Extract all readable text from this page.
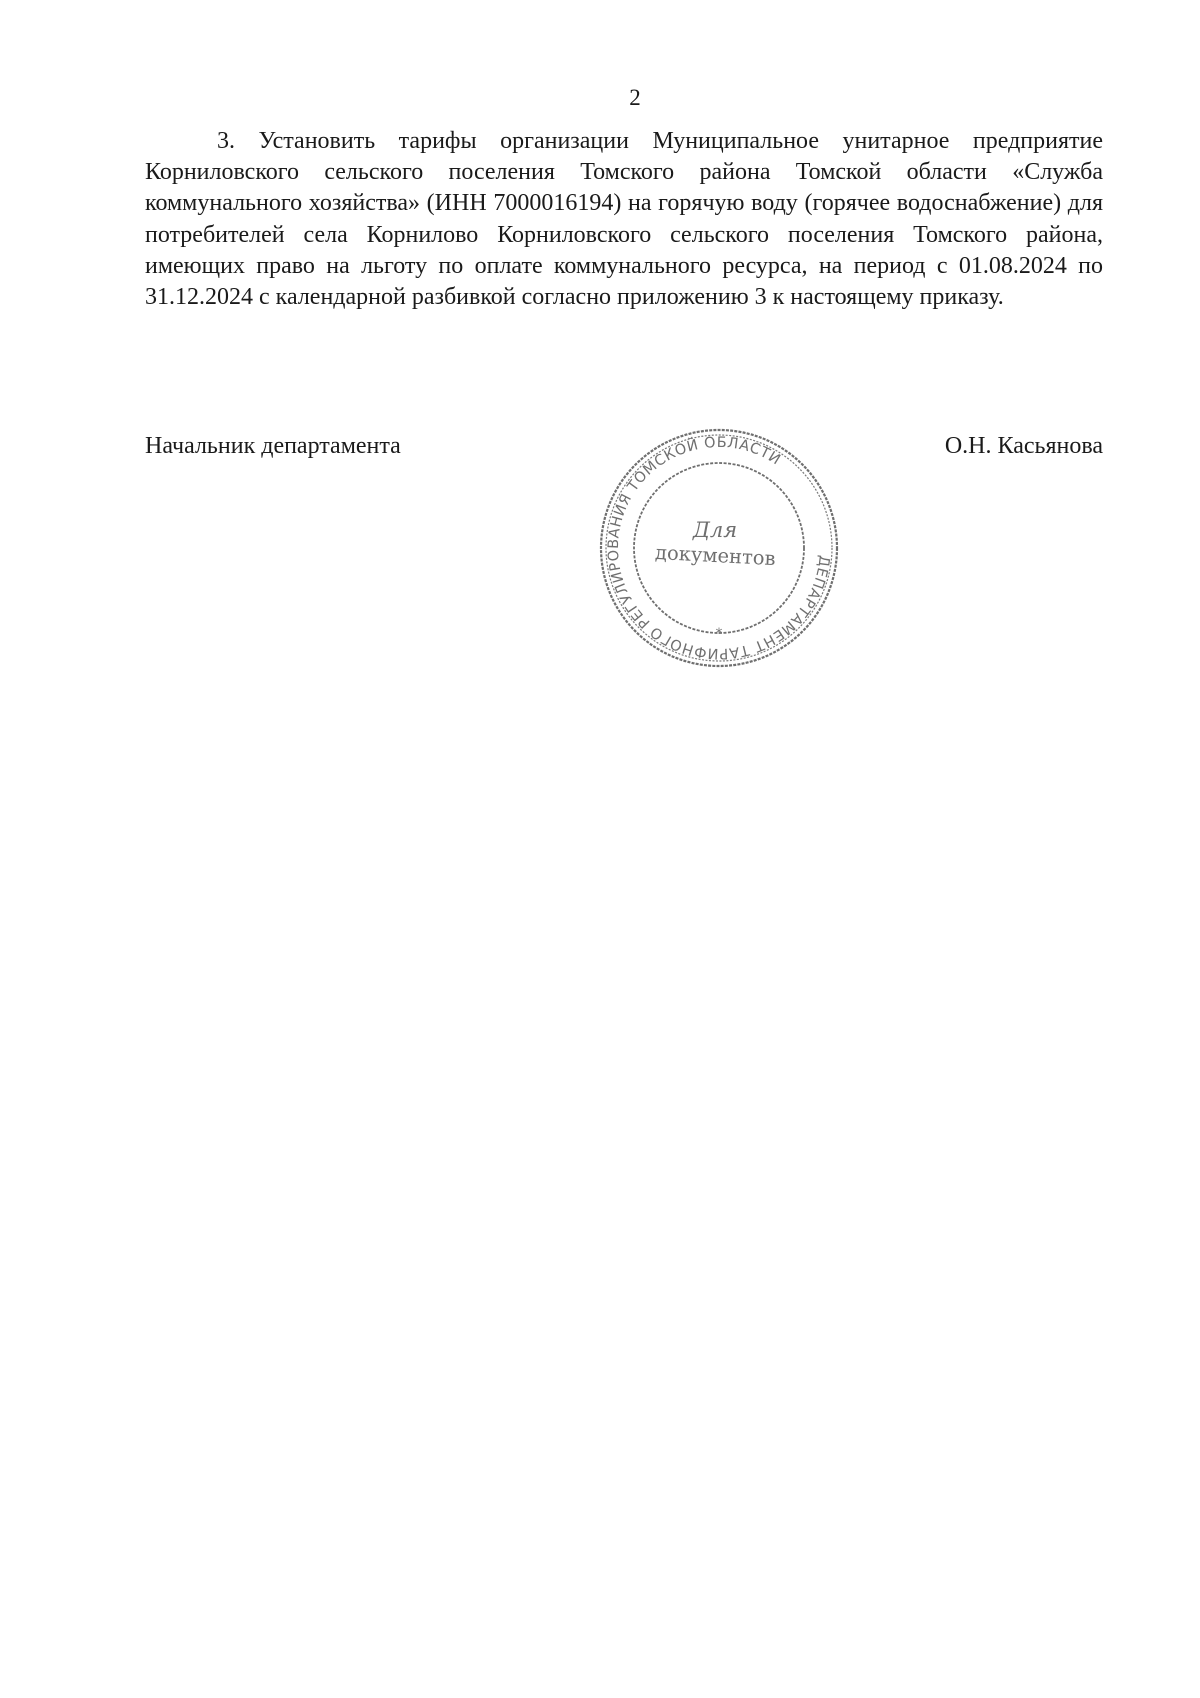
2

3. Установить тарифы организации Муниципальное унитарное предприятие Корниловского сельского поселения Томского района Томской области «Служба коммунального хозяйства» (ИНН 7000016194) на горячую воду (горячее водоснабжение) для потребителей села Корнилово Корниловского сельского поселения Томского района, имеющих право на льготу по оплате коммунального ресурса, на период с 01.08.2024 по 31.12.2024 с календарной разбивкой согласно приложению 3 к настоящему приказу.

Начальник департамента	О.Н. Касьянова
ДЕПАРТАМЕНТ ТАРИФНОГО РЕГУЛИРОВАНИЯ ТОМСКОЙ ОБЛАСТИ
*
Для
документов
